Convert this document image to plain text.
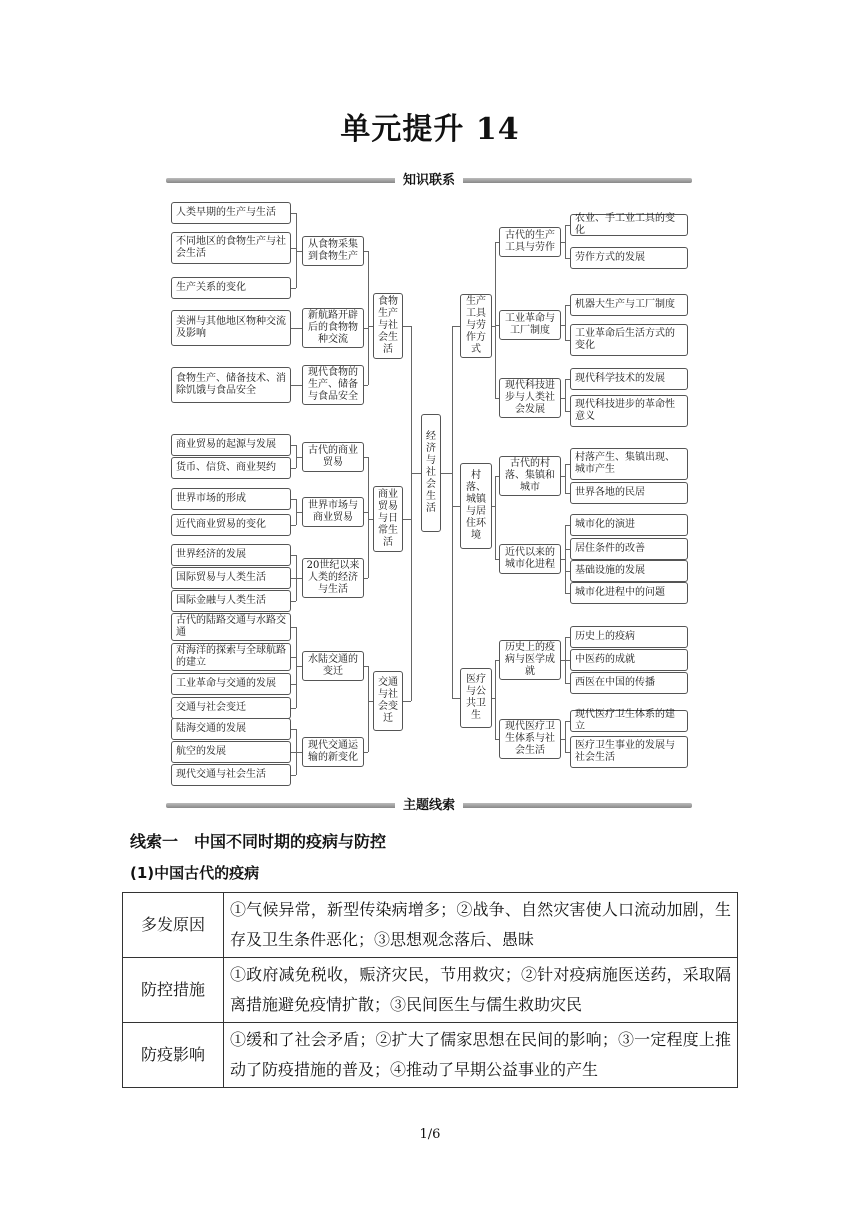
单元提升 14
知识联系
经济与社会生活
人类早期的生产与生活
不同地区的食物生产与社会生活
生产关系的变化
从食物采集到食物生产
美洲与其他地区物种交流及影响
新航路开辟后的食物物种交流
食物生产、储备技术、消除饥饿与食品安全
现代食物的生产、储备与食品安全
食物生产与社会生活
商业贸易的起源与发展
货币、信贷、商业契约
古代的商业贸易
世界市场的形成
近代商业贸易的变化
世界市场与商业贸易
世界经济的发展
国际贸易与人类生活
国际金融与人类生活
20世纪以来人类的经济与生活
商业贸易与日常生活
古代的陆路交通与水路交通
对海洋的探索与全球航路的建立
工业革命与交通的发展
交通与社会变迁
水陆交通的变迁
陆海交通的发展
航空的发展
现代交通与社会生活
现代交通运输的新变化
交通与社会变迁
农业、手工业工具的变化
劳作方式的发展
古代的生产工具与劳作
机器大生产与工厂制度
工业革命后生活方式的变化
工业革命与工厂制度
现代科学技术的发展
现代科技进步的革命性意义
现代科技进步与人类社会发展
生产工具与劳作方式
村落产生、集镇出现、城市产生
世界各地的民居
古代的村落、集镇和城市
城市化的演进
居住条件的改善
基础设施的发展
城市化进程中的问题
近代以来的城市化进程
村落、城镇与居住环境
历史上的疫病
中医药的成就
西医在中国的传播
历史上的疫病与医学成就
现代医疗卫生体系的建立
医疗卫生事业的发展与社会生活
现代医疗卫生体系与社会生活
医疗与公共卫生
主题线索
线索一　中国不同时期的疫病与防控
(1)中国古代的疫病
多发原因	①气候异常，新型传染病增多；②战争、自然灾害使人口流动加剧，生存及卫生条件恶化；③思想观念落后、愚昧
防控措施	①政府减免税收，赈济灾民，节用救灾；②针对疫病施医送药，采取隔离措施避免疫情扩散；③民间医生与儒生救助灾民
防疫影响	①缓和了社会矛盾；②扩大了儒家思想在民间的影响；③一定程度上推动了防疫措施的普及；④推动了早期公益事业的产生
1/6
